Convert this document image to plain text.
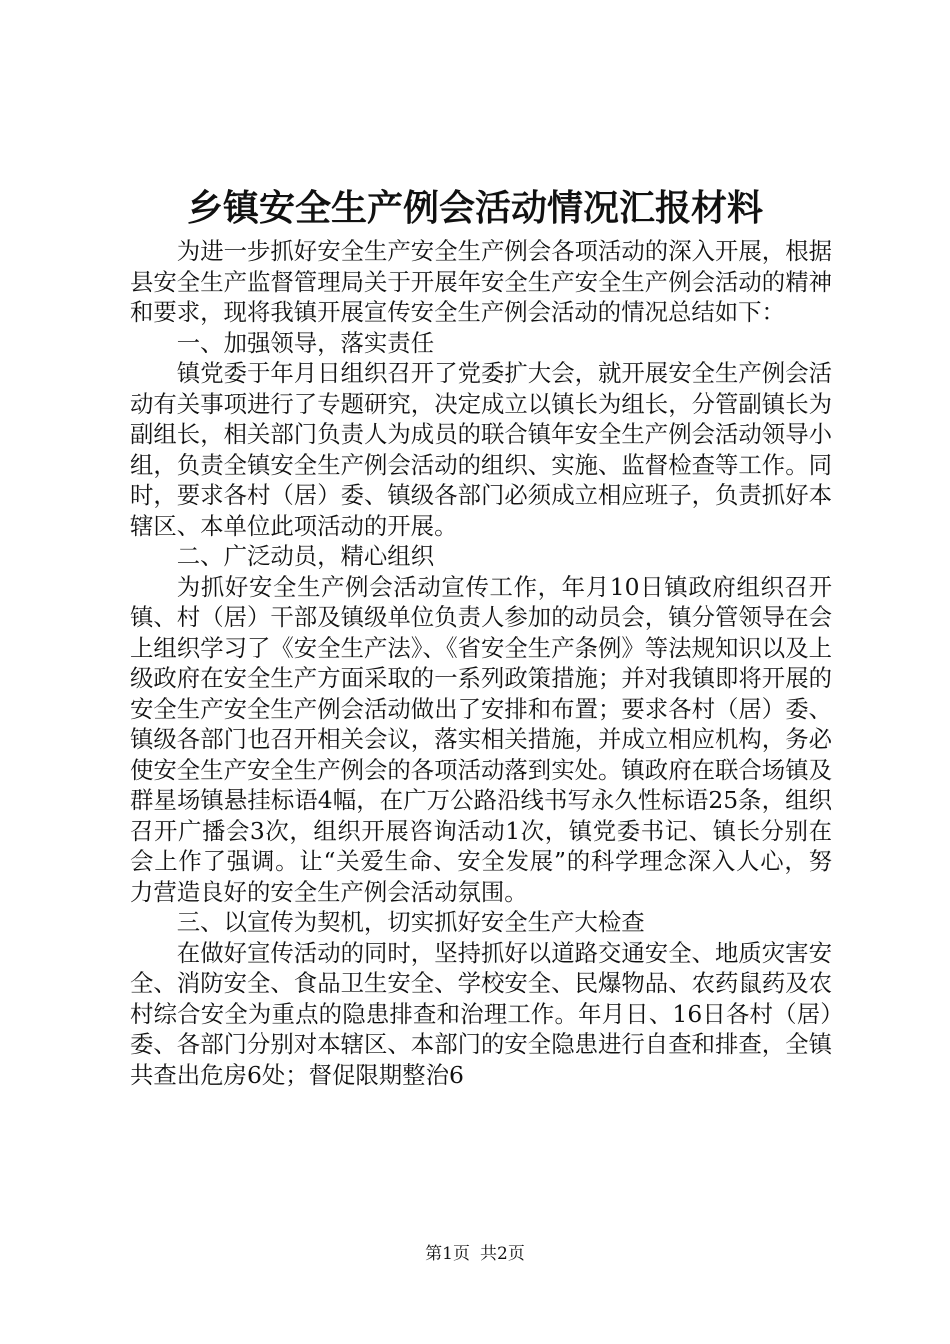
乡镇安全生产例会活动情况汇报材料

为进一步抓好安全生产安全生产例会各项活动的深入开展，根据县安全生产监督管理局关于开展年安全生产安全生产例会活动的精神和要求，现将我镇开展宣传安全生产例会活动的情况总结如下：

一、加强领导，落实责任

镇党委于年月日组织召开了党委扩大会，就开展安全生产例会活动有关事项进行了专题研究，决定成立以镇长为组长，分管副镇长为副组长，相关部门负责人为成员的联合镇年安全生产例会活动领导小组，负责全镇安全生产例会活动的组织、实施、监督检查等工作。同时，要求各村（居）委、镇级各部门必须成立相应班子，负责抓好本辖区、本单位此项活动的开展。

二、广泛动员，精心组织

为抓好安全生产例会活动宣传工作，年月10日镇政府组织召开镇、村（居）干部及镇级单位负责人参加的动员会，镇分管领导在会上组织学习了《安全生产法》、《省安全生产条例》等法规知识以及上级政府在安全生产方面采取的一系列政策措施；并对我镇即将开展的安全生产安全生产例会活动做出了安排和布置；要求各村（居）委、镇级各部门也召开相关会议，落实相关措施，并成立相应机构，务必使安全生产安全生产例会的各项活动落到实处。镇政府在联合场镇及群星场镇悬挂标语4幅，在广万公路沿线书写永久性标语25条，组织召开广播会3次，组织开展咨询活动1次，镇党委书记、镇长分别在会上作了强调。让“关爱生命、安全发展”的科学理念深入人心，努力营造良好的安全生产例会活动氛围。

三、以宣传为契机，切实抓好安全生产大检查

在做好宣传活动的同时，坚持抓好以道路交通安全、地质灾害安全、消防安全、食品卫生安全、学校安全、民爆物品、农药鼠药及农村综合安全为重点的隐患排查和治理工作。年月日、16日各村（居）委、各部门分别对本辖区、本部门的安全隐患进行自查和排查，全镇共查出危房6处；督促限期整治6

第1页 共2页
